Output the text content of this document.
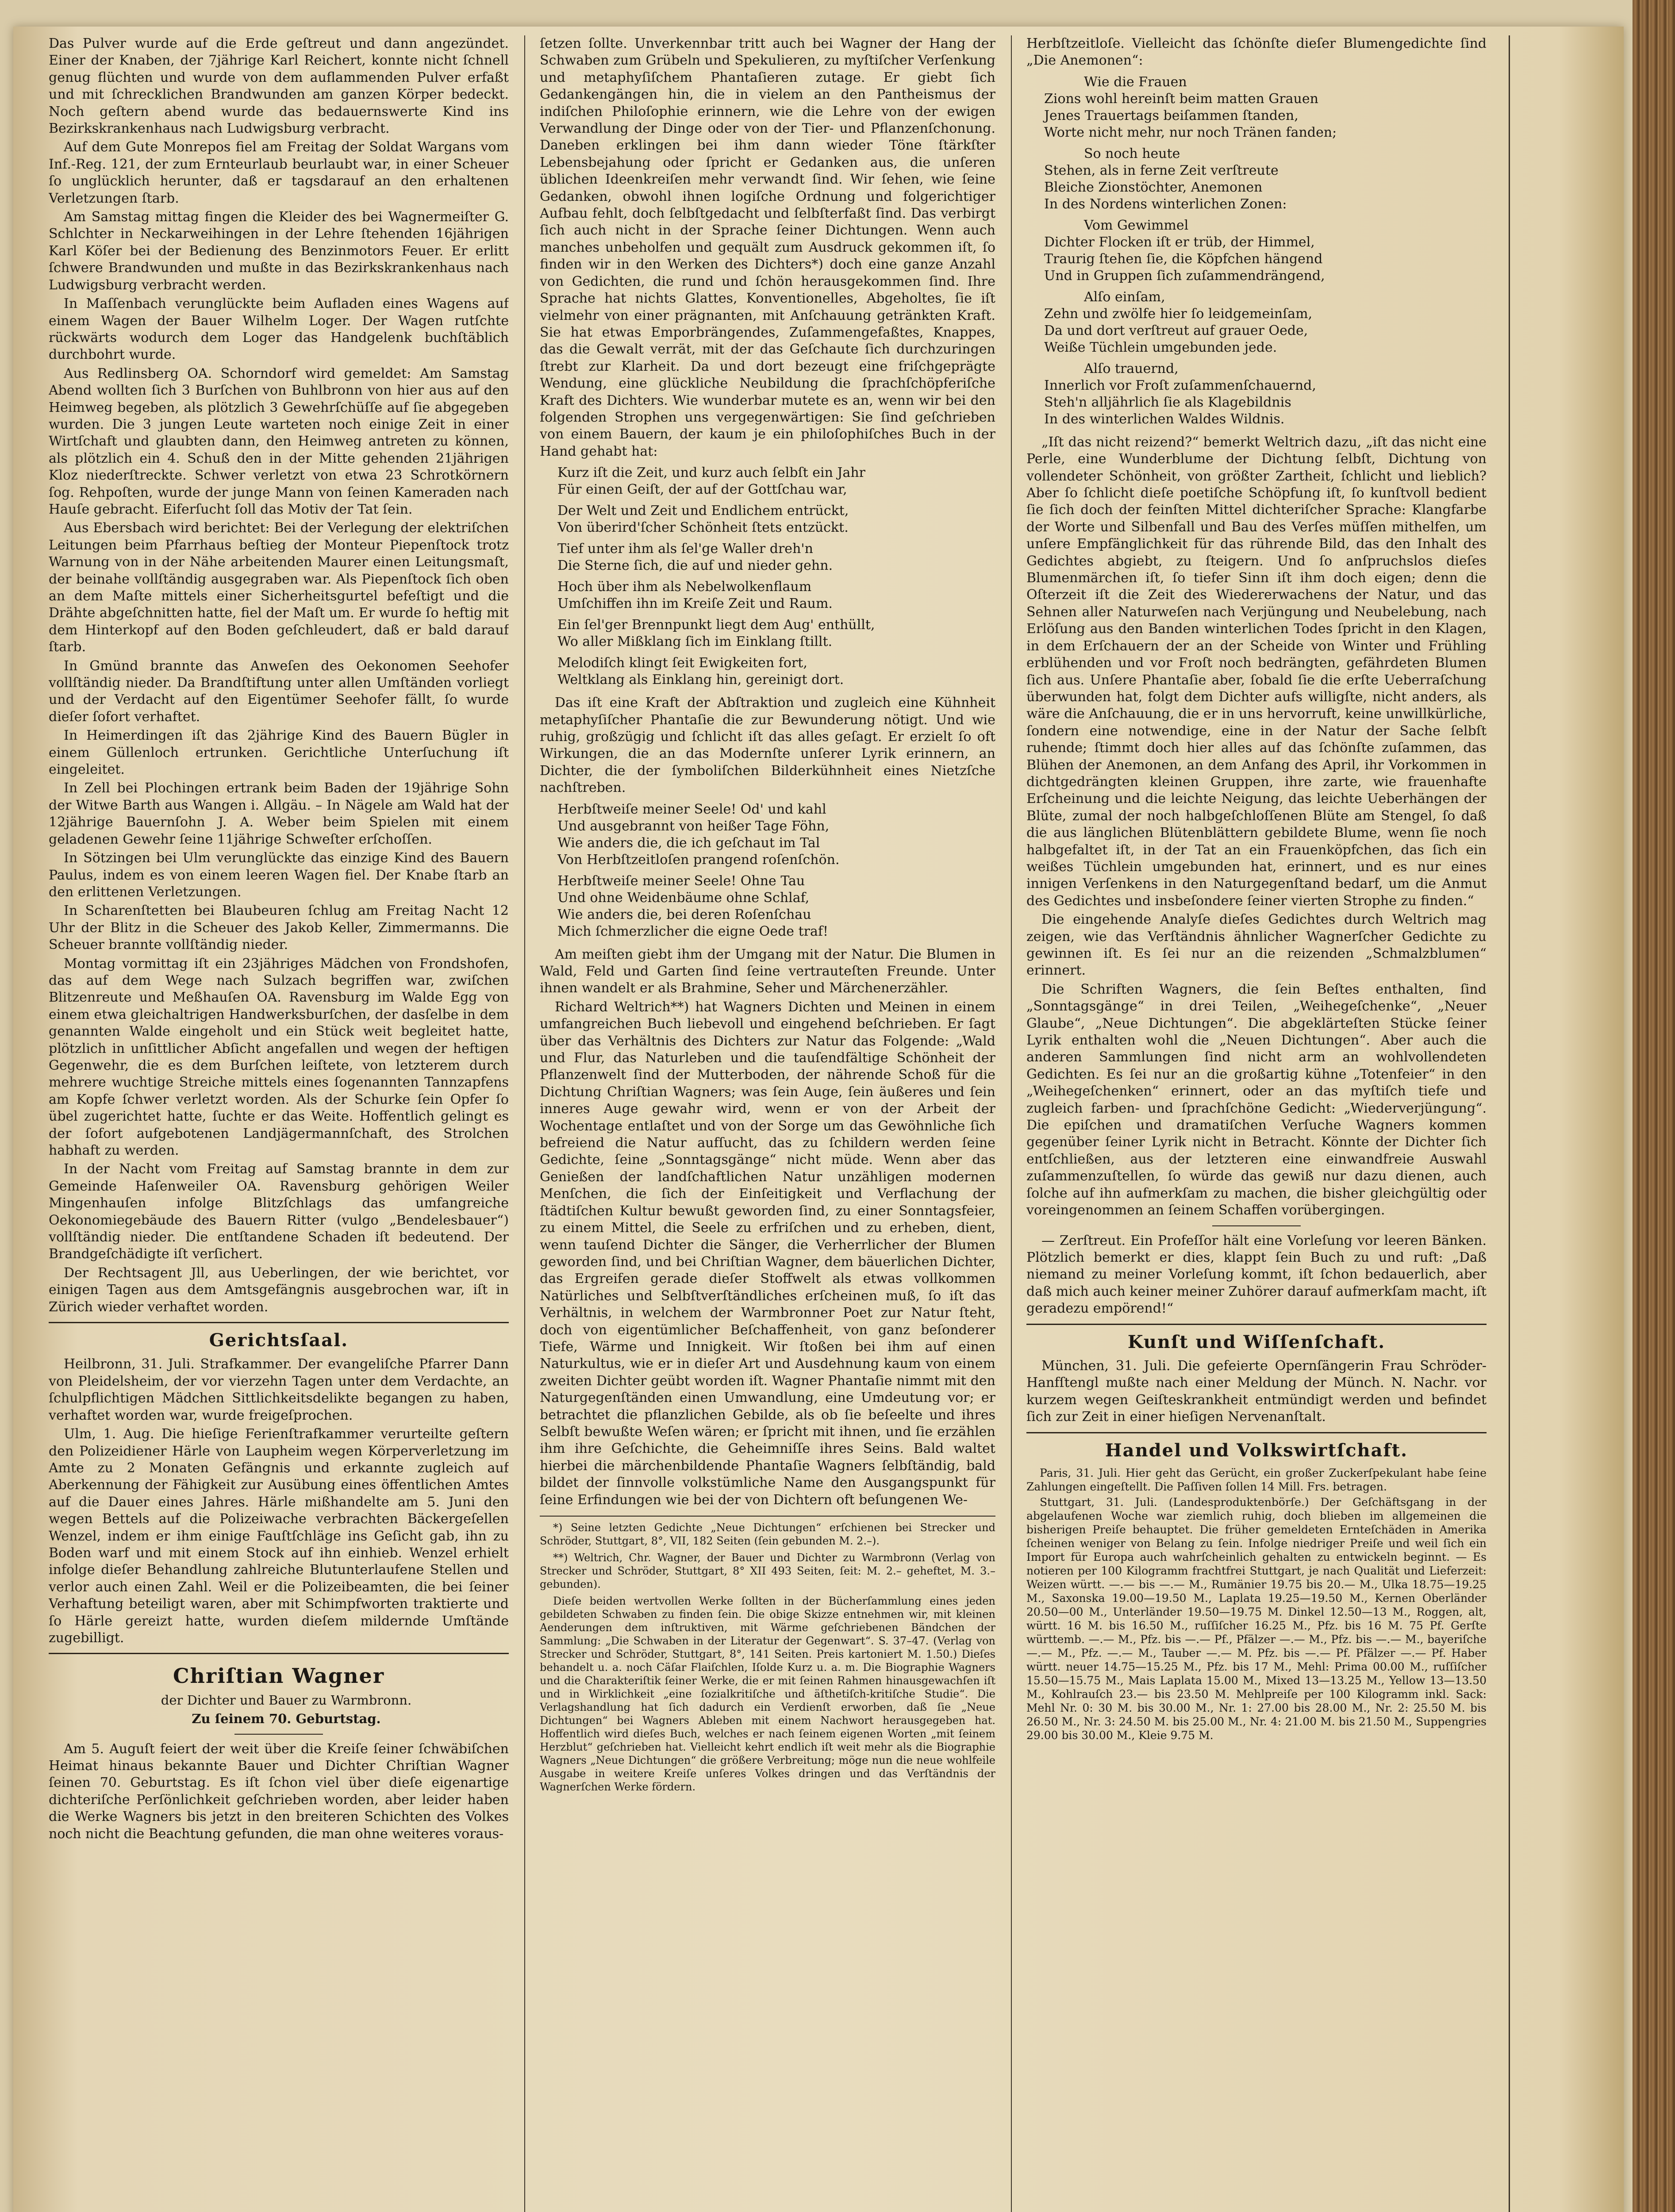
Das Pulver wurde auf die Erde geſtreut und dann angezündet. Einer der Knaben, der 7jährige Karl Reichert, konnte nicht ſchnell genug flüchten und wurde von dem auflammenden Pulver erfaßt und mit ſchrecklichen Brandwunden am ganzen Körper bedeckt. Noch geſtern abend wurde das bedauernswerte Kind ins Bezirkskrankenhaus nach Ludwigsburg verbracht.

Auf dem Gute Monrepos fiel am Freitag der Soldat Wargans vom Inf.-Reg. 121, der zum Ernteurlaub beurlaubt war, in einer Scheuer ſo unglücklich herunter, daß er tagsdarauf an den erhaltenen Verletzungen ſtarb.

Am Samstag mittag fingen die Kleider des bei Wagnermeiſter G. Schlchter in Neckarweihingen in der Lehre ſtehenden 16jährigen Karl Köſer bei der Bedienung des Benzinmotors Feuer. Er erlitt ſchwere Brandwunden und mußte in das Bezirkskrankenhaus nach Ludwigsburg verbracht werden.

In Maſſenbach verunglückte beim Aufladen eines Wagens auf einem Wagen der Bauer Wilhelm Loger. Der Wagen rutſchte rückwärts wodurch dem Loger das Handgelenk buchſtäblich durchbohrt wurde.

Aus Redlinsberg OA. Schorndorf wird gemeldet: Am Samstag Abend wollten ſich 3 Burſchen von Buhlbronn von hier aus auf den Heimweg begeben, als plötzlich 3 Gewehrſchüſſe auf ſie abgegeben wurden. Die 3 jungen Leute warteten noch einige Zeit in einer Wirtſchaft und glaubten dann, den Heimweg antreten zu können, als plötzlich ein 4. Schuß den in der Mitte gehenden 21jährigen Kloz niederſtreckte. Schwer verletzt von etwa 23 Schrotkörnern ſog. Rehpoſten, wurde der junge Mann von ſeinen Kameraden nach Hauſe gebracht. Eiferſucht ſoll das Motiv der Tat ſein.

Aus Ebersbach wird berichtet: Bei der Verlegung der elektriſchen Leitungen beim Pfarrhaus beſtieg der Monteur Piepenſtock trotz Warnung von in der Nähe arbeitenden Maurer einen Leitungsmaſt, der beinahe vollſtändig ausgegraben war. Als Piepenſtock ſich oben an dem Maſte mittels einer Sicherheitsgurtel befeſtigt und die Drähte abgeſchnitten hatte, fiel der Maſt um. Er wurde ſo heftig mit dem Hinterkopf auf den Boden geſchleudert, daß er bald darauf ſtarb.

In Gmünd brannte das Anweſen des Oekonomen Seehofer vollſtändig nieder. Da Brandſtiftung unter allen Umſtänden vorliegt und der Verdacht auf den Eigentümer Seehofer fällt, ſo wurde dieſer ſofort verhaftet.

In Heimerdingen iſt das 2jährige Kind des Bauern Bügler in einem Güllenloch ertrunken. Gerichtliche Unterſuchung iſt eingeleitet.

In Zell bei Plochingen ertrank beim Baden der 19jährige Sohn der Witwe Barth aus Wangen i. Allgäu. – In Nägele am Wald hat der 12jährige Bauernſohn J. A. Weber beim Spielen mit einem geladenen Gewehr ſeine 11jährige Schweſter erſchoſſen.

In Sötzingen bei Ulm verunglückte das einzige Kind des Bauern Paulus, indem es von einem leeren Wagen fiel. Der Knabe ſtarb an den erlittenen Verletzungen.

In Scharenſtetten bei Blaubeuren ſchlug am Freitag Nacht 12 Uhr der Blitz in die Scheuer des Jakob Keller, Zimmermanns. Die Scheuer brannte vollſtändig nieder.

Montag vormittag iſt ein 23jähriges Mädchen von Frondshofen, das auf dem Wege nach Sulzach begriffen war, zwiſchen Blitzenreute und Meßhauſen OA. Ravensburg im Walde Egg von einem etwa gleichaltrigen Handwerksburſchen, der dasſelbe in dem genannten Walde eingeholt und ein Stück weit begleitet hatte, plötzlich in unſittlicher Abſicht angefallen und wegen der heftigen Gegenwehr, die es dem Burſchen leiſtete, von letzterem durch mehrere wuchtige Streiche mittels eines ſogenannten Tannzapfens am Kopfe ſchwer verletzt worden. Als der Schurke ſein Opfer ſo übel zugerichtet hatte, ſuchte er das Weite. Hoffentlich gelingt es der ſofort aufgebotenen Landjägermannſchaft, des Strolchen habhaft zu werden.

In der Nacht vom Freitag auf Samstag brannte in dem zur Gemeinde Haſenweiler OA. Ravensburg gehörigen Weiler Mingenhauſen infolge Blitzſchlags das umfangreiche Oekonomiegebäude des Bauern Ritter (vulgo „Bendelesbauer“) vollſtändig nieder. Die entſtandene Schaden iſt bedeutend. Der Brandgeſchädigte iſt verſichert.

Der Rechtsagent Jll, aus Ueberlingen, der wie berichtet, vor einigen Tagen aus dem Amtsgefängnis ausgebrochen war, iſt in Zürich wieder verhaftet worden.

Gerichtsſaal.

Heilbronn, 31. Juli. Strafkammer. Der evangeliſche Pfarrer Dann von Pleidelsheim, der vor vierzehn Tagen unter dem Verdachte, an ſchulpflichtigen Mädchen Sittlichkeitsdelikte begangen zu haben, verhaftet worden war, wurde freigeſprochen.

Ulm, 1. Aug. Die hieſige Ferienſtrafkammer verurteilte geſtern den Polizeidiener Härle von Laupheim wegen Körperverletzung im Amte zu 2 Monaten Gefängnis und erkannte zugleich auf Aberkennung der Fähigkeit zur Ausübung eines öffentlichen Amtes auf die Dauer eines Jahres. Härle mißhandelte am 5. Juni den wegen Bettels auf die Polizeiwache verbrachten Bäckergeſellen Wenzel, indem er ihm einige Fauſtſchläge ins Geſicht gab, ihn zu Boden warf und mit einem Stock auf ihn einhieb. Wenzel erhielt infolge dieſer Behandlung zahlreiche Blutunterlaufene Stellen und verlor auch einen Zahl. Weil er die Polizeibeamten, die bei ſeiner Verhaftung beteiligt waren, aber mit Schimpfworten traktierte und ſo Härle gereizt hatte, wurden dieſem mildernde Umſtände zugebilligt.

Chriſtian Wagner

der Dichter und Bauer zu Warmbronn.

Zu ſeinem 70. Geburtstag.

Am 5. Auguſt feiert der weit über die Kreiſe ſeiner ſchwäbiſchen Heimat hinaus bekannte Bauer und Dichter Chriſtian Wagner ſeinen 70. Geburtstag. Es iſt ſchon viel über dieſe eigenartige dichteriſche Perſönlichkeit geſchrieben worden, aber leider haben die Werke Wagners bis jetzt in den breiteren Schichten des Volkes noch nicht die Beachtung gefunden, die man ohne weiteres voraus-

ſetzen ſollte. Unverkennbar tritt auch bei Wagner der Hang der Schwaben zum Grübeln und Spekulieren, zu myſtiſcher Verſenkung und metaphyſiſchem Phantaſieren zutage. Er giebt ſich Gedankengängen hin, die in vielem an den Pantheismus der indiſchen Philoſophie erinnern, wie die Lehre von der ewigen Verwandlung der Dinge oder von der Tier- und Pflanzenſchonung. Daneben erklingen bei ihm dann wieder Töne ſtärkſter Lebensbejahung oder ſpricht er Gedanken aus, die unſeren üblichen Ideenkreiſen mehr verwandt ſind. Wir ſehen, wie ſeine Gedanken, obwohl ihnen logiſche Ordnung und folgerichtiger Aufbau fehlt, doch ſelbſtgedacht und ſelbſterfaßt ſind. Das verbirgt ſich auch nicht in der Sprache ſeiner Dichtungen. Wenn auch manches unbeholfen und gequält zum Ausdruck gekommen iſt, ſo finden wir in den Werken des Dichters*) doch eine ganze Anzahl von Gedichten, die rund und ſchön herausgekommen ſind. Ihre Sprache hat nichts Glattes, Konventionelles, Abgeholtes, ſie iſt vielmehr von einer prägnanten, mit Anſchauung getränkten Kraft. Sie hat etwas Emporbrängendes, Zuſammengefaßtes, Knappes, das die Gewalt verrät, mit der das Geſchaute ſich durchzuringen ſtrebt zur Klarheit. Da und dort bezeugt eine friſchgeprägte Wendung, eine glückliche Neubildung die ſprachſchöpferiſche Kraft des Dichters. Wie wunderbar mutete es an, wenn wir bei den folgenden Strophen uns vergegenwärtigen: Sie ſind geſchrieben von einem Bauern, der kaum je ein philoſophiſches Buch in der Hand gehabt hat:

Kurz iſt die Zeit, und kurz auch ſelbſt ein Jahr
Für einen Geiſt, der auf der Gottſchau war,
Der Welt und Zeit und Endlichem entrückt,
Von überird'ſcher Schönheit ſtets entzückt.
Tief unter ihm als ſel'ge Waller dreh'n
Die Sterne ſich, die auf und nieder gehn.
Hoch über ihm als Nebelwolkenflaum
Umſchiffen ihn im Kreiſe Zeit und Raum.
Ein ſel'ger Brennpunkt liegt dem Aug' enthüllt,
Wo aller Mißklang ſich im Einklang ſtillt.
Melodiſch klingt ſeit Ewigkeiten fort,
Weltklang als Einklang hin, gereinigt dort.

Das iſt eine Kraft der Abſtraktion und zugleich eine Kühnheit metaphyſiſcher Phantaſie die zur Bewunderung nötigt. Und wie ruhig, großzügig und ſchlicht iſt das alles geſagt. Er erzielt ſo oft Wirkungen, die an das Modernſte unſerer Lyrik erinnern, an Dichter, die der ſymboliſchen Bilderkühnheit eines Nietzſche nachſtreben.

Herbſtweiſe meiner Seele! Od' und kahl
Und ausgebrannt von heißer Tage Föhn,
Wie anders die, die ich geſchaut im Tal
Von Herbſtzeitloſen prangend roſenſchön.
Herbſtweiſe meiner Seele! Ohne Tau
Und ohne Weidenbäume ohne Schlaf,
Wie anders die, bei deren Roſenſchau
Mich ſchmerzlicher die eigne Oede traf!

Am meiſten giebt ihm der Umgang mit der Natur. Die Blumen in Wald, Feld und Garten ſind ſeine vertrauteſten Freunde. Unter ihnen wandelt er als Brahmine, Seher und Märchenerzähler.

Richard Weltrich**) hat Wagners Dichten und Meinen in einem umfangreichen Buch liebevoll und eingehend beſchrieben. Er ſagt über das Verhältnis des Dichters zur Natur das Folgende: „Wald und Flur, das Naturleben und die tauſendfältige Schönheit der Pflanzenwelt ſind der Mutterboden, der nährende Schoß für die Dichtung Chriſtian Wagners; was ſein Auge, ſein äußeres und ſein inneres Auge gewahr wird, wenn er von der Arbeit der Wochentage entlaſtet und von der Sorge um das Gewöhnliche ſich befreiend die Natur aufſucht, das zu ſchildern werden ſeine Gedichte, ſeine „Sonntagsgänge“ nicht müde. Wenn aber das Genießen der landſchaftlichen Natur unzähligen modernen Menſchen, die ſich der Einſeitigkeit und Verflachung der ſtädtiſchen Kultur bewußt geworden ſind, zu einer Sonntagsfeier, zu einem Mittel, die Seele zu erfriſchen und zu erheben, dient, wenn tauſend Dichter die Sänger, die Verherrlicher der Blumen geworden ſind, und bei Chriſtian Wagner, dem bäuerlichen Dichter, das Ergreifen gerade dieſer Stoffwelt als etwas vollkommen Natürliches und Selbſtverſtändliches erſcheinen muß, ſo iſt das Verhältnis, in welchem der Warmbronner Poet zur Natur ſteht, doch von eigentümlicher Beſchaffenheit, von ganz beſonderer Tiefe, Wärme und Innigkeit. Wir ſtoßen bei ihm auf einen Naturkultus, wie er in dieſer Art und Ausdehnung kaum von einem zweiten Dichter geübt worden iſt. Wagner Phantaſie nimmt mit den Naturgegenſtänden einen Umwandlung, eine Umdeutung vor; er betrachtet die pflanzlichen Gebilde, als ob ſie beſeelte und ihres Selbſt bewußte Weſen wären; er ſpricht mit ihnen, und ſie erzählen ihm ihre Geſchichte, die Geheimniſſe ihres Seins. Bald waltet hierbei die märchenbildende Phantaſie Wagners ſelbſtändig, bald bildet der ſinnvolle volkstümliche Name den Ausgangspunkt für ſeine Erfindungen wie bei der von Dichtern oft beſungenen We-

*) Seine letzten Gedichte „Neue Dichtungen“ erſchienen bei Strecker und Schröder, Stuttgart, 8°, VII, 182 Seiten (ſein gebunden M. 2.–).

**) Weltrich, Chr. Wagner, der Bauer und Dichter zu Warmbronn (Verlag von Strecker und Schröder, Stuttgart, 8° XII 493 Seiten, ſeit: M. 2.– geheftet, M. 3.– gebunden).

Dieſe beiden wertvollen Werke ſollten in der Bücherſammlung eines jeden gebildeten Schwaben zu finden ſein. Die obige Skizze entnehmen wir, mit kleinen Aenderungen dem inſtruktiven, mit Wärme geſchriebenen Bändchen der Sammlung: „Die Schwaben in der Literatur der Gegenwart“. S. 37–47. (Verlag von Strecker und Schröder, Stuttgart, 8°, 141 Seiten. Preis kartoniert M. 1.50.) Dieſes behandelt u. a. noch Cäſar Flaiſchlen, Iſolde Kurz u. a. m. Die Biographie Wagners und die Charakteriſtik ſeiner Werke, die er mit ſeinen Rahmen hinausgewachſen iſt und in Wirklichkeit „eine ſozialkritiſche und äſthetiſch-kritiſche Studie“. Die Verlagshandlung hat ſich dadurch ein Verdienſt erworben, daß ſie „Neue Dichtungen“ bei Wagners Ableben mit einem Nachwort herausgegeben hat. Hoffentlich wird dieſes Buch, welches er nach ſeinem eigenen Worten „mit ſeinem Herzblut“ geſchrieben hat. Vielleicht kehrt endlich iſt weit mehr als die Biographie Wagners „Neue Dichtungen“ die größere Verbreitung; möge nun die neue wohlfeile Ausgabe in weitere Kreiſe unſeres Volkes dringen und das Verſtändnis der Wagnerſchen Werke fördern.

Herbſtzeitloſe. Vielleicht das ſchönſte dieſer Blumengedichte ſind „Die Anemonen“:

Wie die Frauen
Zions wohl hereinſt beim matten Grauen
Jenes Trauertags beiſammen ſtanden,
Worte nicht mehr, nur noch Tränen fanden;
So noch heute
Stehen, als in ferne Zeit verſtreute
Bleiche Zionstöchter, Anemonen
In des Nordens winterlichen Zonen:
Vom Gewimmel
Dichter Flocken iſt er trüb, der Himmel,
Traurig ſtehen ſie, die Köpfchen hängend
Und in Gruppen ſich zuſammendrängend,
Alſo einſam,
Zehn und zwölfe hier ſo leidgemeinſam,
Da und dort verſtreut auf grauer Oede,
Weiße Tüchlein umgebunden jede.
Alſo trauernd,
Innerlich vor Froſt zuſammenſchauernd,
Steh'n alljährlich ſie als Klagebildnis
In des winterlichen Waldes Wildnis.

„Iſt das nicht reizend?“ bemerkt Weltrich dazu, „iſt das nicht eine Perle, eine Wunderblume der Dichtung ſelbſt, Dichtung von vollendeter Schönheit, von größter Zartheit, ſchlicht und lieblich? Aber ſo ſchlicht dieſe poetiſche Schöpfung iſt, ſo kunſtvoll bedient ſie ſich doch der feinſten Mittel dichteriſcher Sprache: Klangfarbe der Worte und Silbenfall und Bau des Verſes müſſen mithelfen, um unſere Empfänglichkeit für das rührende Bild, das den Inhalt des Gedichtes abgiebt, zu ſteigern. Und ſo anſpruchslos dieſes Blumenmärchen iſt, ſo tiefer Sinn iſt ihm doch eigen; denn die Oſterzeit iſt die Zeit des Wiedererwachens der Natur, und das Sehnen aller Naturweſen nach Verjüngung und Neubelebung, nach Erlöſung aus den Banden winterlichen Todes ſpricht in den Klagen, in dem Erſchauern der an der Scheide von Winter und Frühling erblühenden und vor Froſt noch bedrängten, gefährdeten Blumen ſich aus. Unſere Phantaſie aber, ſobald ſie die erſte Ueberraſchung überwunden hat, folgt dem Dichter aufs willigſte, nicht anders, als wäre die Anſchauung, die er in uns hervorruft, keine unwillkürliche, ſondern eine notwendige, eine in der Natur der Sache ſelbſt ruhende; ſtimmt doch hier alles auf das ſchönſte zuſammen, das Blühen der Anemonen, an dem Anfang des April, ihr Vorkommen in dichtgedrängten kleinen Gruppen, ihre zarte, wie frauenhafte Erſcheinung und die leichte Neigung, das leichte Ueberhängen der Blüte, zumal der noch halbgeſchloſſenen Blüte am Stengel, ſo daß die aus länglichen Blütenblättern gebildete Blume, wenn ſie noch halbgefaltet iſt, in der Tat an ein Frauenköpfchen, das ſich ein weißes Tüchlein umgebunden hat, erinnert, und es nur eines innigen Verſenkens in den Naturgegenſtand bedarf, um die Anmut des Gedichtes und insbeſondere ſeiner vierten Strophe zu finden.“

Die eingehende Analyſe dieſes Gedichtes durch Weltrich mag zeigen, wie das Verſtändnis ähnlicher Wagnerſcher Gedichte zu gewinnen iſt. Es ſei nur an die reizenden „Schmalzblumen“ erinnert.

Die Schriften Wagners, die ſein Beſtes enthalten, ſind „Sonntagsgänge“ in drei Teilen, „Weihegeſchenke“, „Neuer Glaube“, „Neue Dichtungen“. Die abgeklärteſten Stücke ſeiner Lyrik enthalten wohl die „Neuen Dichtungen“. Aber auch die anderen Sammlungen ſind nicht arm an wohlvollendeten Gedichten. Es ſei nur an die großartig kühne „Totenfeier“ in den „Weihegeſchenken“ erinnert, oder an das myſtiſch tiefe und zugleich farben- und ſprachſchöne Gedicht: „Wiederverjüngung“. Die epiſchen und dramatiſchen Verſuche Wagners kommen gegenüber ſeiner Lyrik nicht in Betracht. Könnte der Dichter ſich entſchließen, aus der letzteren eine einwandfreie Auswahl zuſammenzuſtellen, ſo würde das gewiß nur dazu dienen, auch ſolche auf ihn aufmerkſam zu machen, die bisher gleichgültig oder voreingenommen an ſeinem Schaffen vorübergingen.

— Zerſtreut. Ein Profeſſor hält eine Vorleſung vor leeren Bänken. Plötzlich bemerkt er dies, klappt ſein Buch zu und ruft: „Daß niemand zu meiner Vorleſung kommt, iſt ſchon bedauerlich, aber daß mich auch keiner meiner Zuhörer darauf aufmerkſam macht, iſt geradezu empörend!“

Kunſt und Wiſſenſchaft.

München, 31. Juli. Die gefeierte Opernſängerin Frau Schröder-Hanfſtengl mußte nach einer Meldung der Münch. N. Nachr. vor kurzem wegen Geiſteskrankheit entmündigt werden und befindet ſich zur Zeit in einer hieſigen Nervenanſtalt.

Handel und Volkswirtſchaft.

Paris, 31. Juli. Hier geht das Gerücht, ein großer Zuckerſpekulant habe ſeine Zahlungen eingeſtellt. Die Paſſiven ſollen 14 Mill. Frs. betragen.

Stuttgart, 31. Juli. (Landesproduktenbörſe.) Der Geſchäftsgang in der abgelaufenen Woche war ziemlich ruhig, doch blieben im allgemeinen die bisherigen Preiſe behauptet. Die früher gemeldeten Ernteſchäden in Amerika ſcheinen weniger von Belang zu ſein. Infolge niedriger Preiſe und weil ſich ein Import für Europa auch wahrſcheinlich gehalten zu entwickeln beginnt. — Es notieren per 100 Kilogramm frachtfrei Stuttgart, je nach Qualität und Lieferzeit: Weizen württ. —.— bis —.— M., Rumänier 19.75 bis 20.— M., Ulka 18.75—19.25 M., Saxonska 19.00—19.50 M., Laplata 19.25—19.50 M., Kernen Oberländer 20.50—00 M., Unterländer 19.50—19.75 M. Dinkel 12.50—13 M., Roggen, alt, württ. 16 M. bis 16.50 M., ruſſiſcher 16.25 M., Pfz. bis 16 M. 75 Pf. Gerſte württemb. —.— M., Pfz. bis —.— Pf., Pfälzer —.— M., Pfz. bis —.— M., bayeriſche —.— M., Pfz. —.— M., Tauber —.— M. Pfz. bis —.— Pf. Pfälzer —.— Pf. Haber württ. neuer 14.75—15.25 M., Pfz. bis 17 M., Mehl: Prima 00.00 M., ruſſiſcher 15.50—15.75 M., Mais Laplata 15.00 M., Mixed 13—13.25 M., Yellow 13—13.50 M., Kohlrauſch 23.— bis 23.50 M. Mehlpreiſe per 100 Kilogramm inkl. Sack: Mehl Nr. 0: 30 M. bis 30.00 M., Nr. 1: 27.00 bis 28.00 M., Nr. 2: 25.50 M. bis 26.50 M., Nr. 3: 24.50 M. bis 25.00 M., Nr. 4: 21.00 M. bis 21.50 M., Suppengries 29.00 bis 30.00 M., Kleie 9.75 M.
